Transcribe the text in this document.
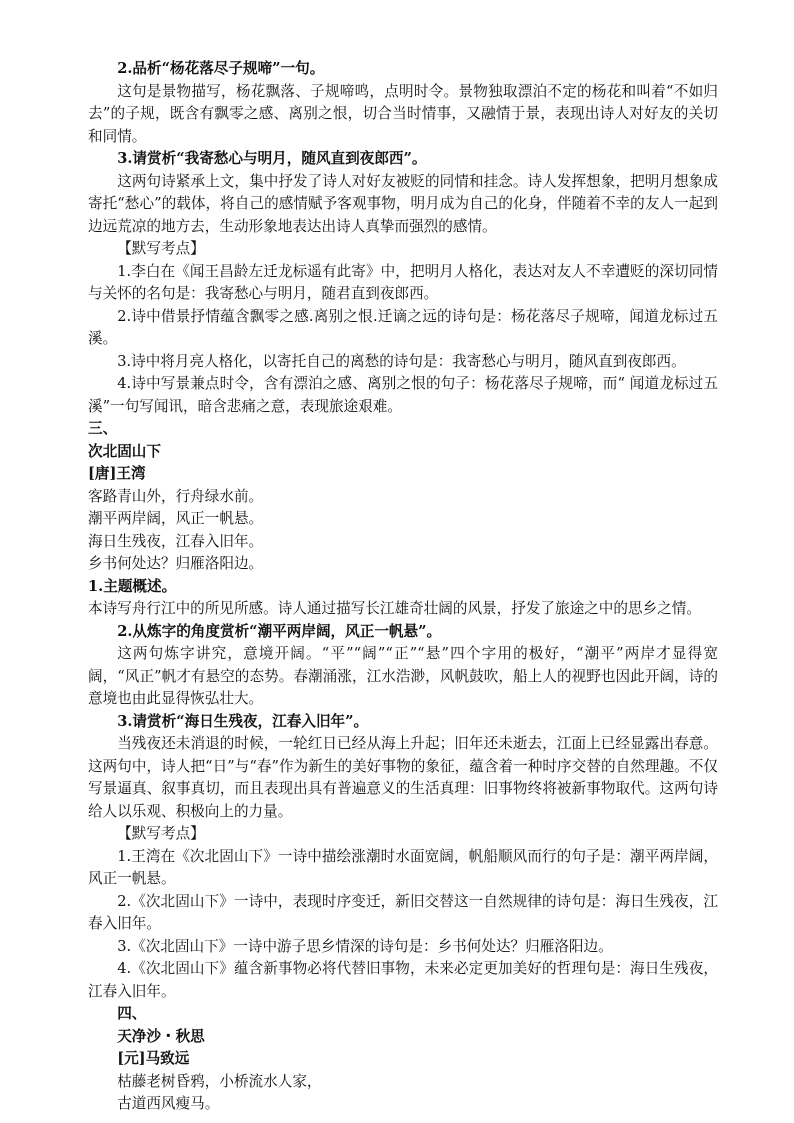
2.品析“杨花落尽子规啼”一句。

这句是景物描写，杨花飘落、子规啼鸣，点明时令。景物独取漂泊不定的杨花和叫着“不如归去”的子规，既含有飘零之感、离别之恨，切合当时情事，又融情于景，表现出诗人对好友的关切和同情。

3.请赏析“我寄愁心与明月，随风直到夜郎西”。

这两句诗紧承上文，集中抒发了诗人对好友被贬的同情和挂念。诗人发挥想象，把明月想象成寄托“愁心”的载体，将自己的感情赋予客观事物，明月成为自己的化身，伴随着不幸的友人一起到边远荒凉的地方去，生动形象地表达出诗人真挚而强烈的感情。

【默写考点】

1.李白在《闻王昌龄左迁龙标遥有此寄》中，把明月人格化，表达对友人不幸遭贬的深切同情与关怀的名句是：我寄愁心与明月，随君直到夜郎西。

2.诗中借景抒情蕴含飘零之感.离别之恨.迁谪之远的诗句是：杨花落尽子规啼，闻道龙标过五溪。

3.诗中将月亮人格化，以寄托自己的离愁的诗句是：我寄愁心与明月，随风直到夜郎西。

4.诗中写景兼点时令，含有漂泊之感、离别之恨的句子：杨花落尽子规啼，而“ 闻道龙标过五溪”一句写闻讯，暗含悲痛之意，表现旅途艰难。

三、

次北固山下

[唐]王湾

客路青山外，行舟绿水前。

潮平两岸阔，风正一帆悬。

海日生残夜，江春入旧年。

乡书何处达？归雁洛阳边。

1.主题概述。

本诗写舟行江中的所见所感。诗人通过描写长江雄奇壮阔的风景，抒发了旅途之中的思乡之情。

2.从炼字的角度赏析“潮平两岸阔，风正一帆悬”。

这两句炼字讲究，意境开阔。“平”“阔”“正”“悬”四个字用的极好，“潮平”两岸才显得宽阔，“风正”帆才有悬空的态势。春潮涌涨，江水浩渺，风帆鼓吹，船上人的视野也因此开阔，诗的意境也由此显得恢弘壮大。

3.请赏析“海日生残夜，江春入旧年”。

当残夜还未消退的时候，一轮红日已经从海上升起；旧年还未逝去，江面上已经显露出春意。这两句中，诗人把“日”与“春”作为新生的美好事物的象征，蕴含着一种时序交替的自然理趣。不仅写景逼真、叙事真切，而且表现出具有普遍意义的生活真理：旧事物终将被新事物取代。这两句诗给人以乐观、积极向上的力量。

【默写考点】

1.王湾在《次北固山下》一诗中描绘涨潮时水面宽阔，帆船顺风而行的句子是：潮平两岸阔，风正一帆悬。

2.《次北固山下》一诗中，表现时序变迁，新旧交替这一自然规律的诗句是：海日生残夜，江春入旧年。

3.《次北固山下》一诗中游子思乡情深的诗句是：乡书何处达？归雁洛阳边。

4.《次北固山下》蕴含新事物必将代替旧事物，未来必定更加美好的哲理句是：海日生残夜，江春入旧年。

四、

天净沙・秋思

[元]马致远

枯藤老树昏鸦，小桥流水人家，

古道西风瘦马。
